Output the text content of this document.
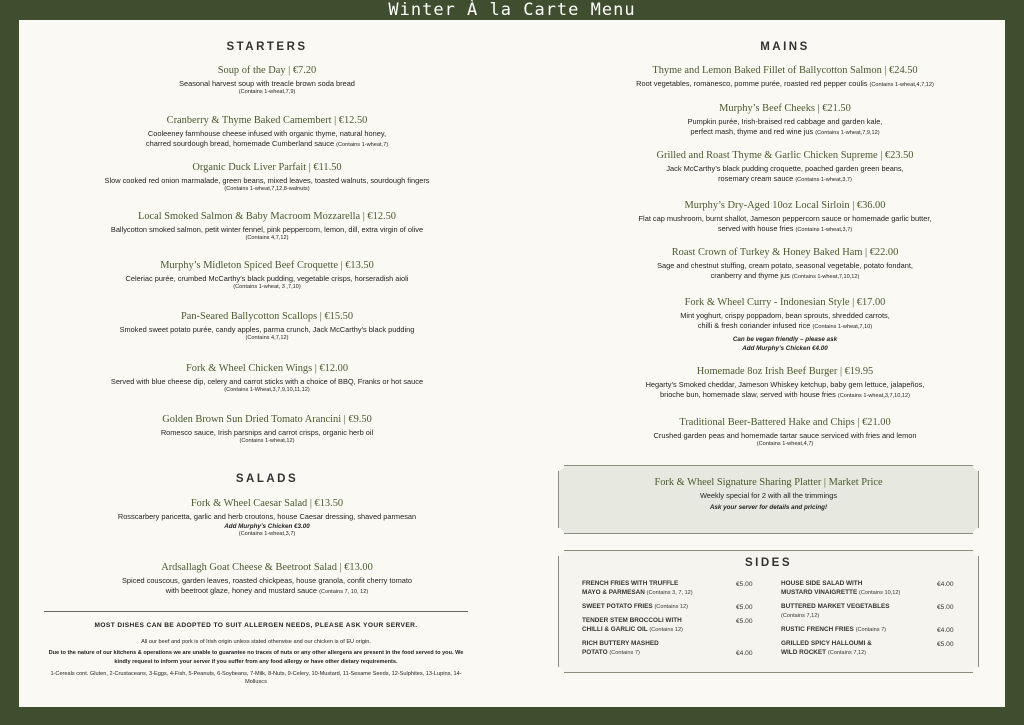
Winter À la Carte Menu
STARTERS
Soup of the Day | €7.20
Seasonal harvest soup with treacle brown soda bread
(Contains 1-wheat,7,9)
Cranberry & Thyme Baked Camembert | €12.50
Cooleeney farmhouse cheese infused with organic thyme, natural honey,
charred sourdough bread, homemade Cumberland sauce (Contains 1-wheat,7)
Organic Duck Liver Parfait | €11.50
Slow cooked red onion marmalade, green beans, mixed leaves, toasted walnuts, sourdough fingers
(Contains 1-wheat,7,12,8-walnuts)
Local Smoked Salmon & Baby Macroom Mozzarella | €12.50
Ballycotton smoked salmon, petit winter fennel, pink peppercorn, lemon, dill, extra virgin of olive
(Contains 4,7,12)
Murphy’s Midleton Spiced Beef Croquette | €13.50
Celeriac purée, crumbed McCarthy’s black pudding, vegetable crisps, horseradish aioli
(Contains 1-wheat, 3 ,7,10)
Pan-Seared Ballycotton Scallops | €15.50
Smoked sweet potato purée, candy apples, parma crunch, Jack McCarthy’s black pudding
(Contains 4,7,12)
Fork & Wheel Chicken Wings | €12.00
Served with blue cheese dip, celery and carrot sticks with a choice of BBQ, Franks or hot sauce
(Contains 1-Wheat,3,7,9,10,11,12)
Golden Brown Sun Dried Tomato Arancini | €9.50
Romesco sauce, Irish parsnips and carrot crisps, organic herb oil
(Contains 1-wheat,12)
SALADS
Fork & Wheel Caesar Salad | €13.50
Rosscarbery pancetta, garlic and herb croutons, house Caesar dressing, shaved parmesan
Add Murphy’s Chicken €3.00
(Contains 1-wheat,3,7)
Ardsallagh Goat Cheese & Beetroot Salad | €13.00
Spiced couscous, garden leaves, roasted chickpeas, house granola, confit cherry tomato
with beetroot glaze, honey and mustard sauce (Contains 7, 10, 12)
MAINS
Thyme and Lemon Baked Fillet of Ballycotton Salmon | €24.50
Root vegetables, romanesco, pomme purée, roasted red pepper coulis (Contains 1-wheat,4,7,12)
Murphy’s Beef Cheeks | €21.50
Pumpkin purée, Irish-braised red cabbage and garden kale,
perfect mash, thyme and red wine jus (Contains 1-wheat,7,9,12)
Grilled and Roast Thyme & Garlic Chicken Supreme | €23.50
Jack McCarthy’s black pudding croquette, poached garden green beans,
rosemary cream sauce (Contains 1-wheat,3,7)
Murphy’s Dry-Aged 10oz Local Sirloin | €36.00
Flat cap mushroom, burnt shallot, Jameson peppercorn sauce or homemade garlic butter,
served with house fries (Contains 1-wheat,3,7)
Roast Crown of Turkey & Honey Baked Ham | €22.00
Sage and chestnut stuffing, cream potato, seasonal vegetable, potato fondant,
cranberry and thyme jus (Contains 1-wheat,7,10,12)
Fork & Wheel Curry - Indonesian Style | €17.00
Mint yoghurt, crispy poppadom, bean sprouts, shredded carrots,
chilli & fresh coriander infused rice (Contains 1-wheat,7,10)
Can be vegan friendly – please ask
Add Murphy’s Chicken €4.00
Homemade 8oz Irish Beef Burger | €19.95
Hegarty’s Smoked cheddar, Jameson Whiskey ketchup, baby gem lettuce, jalapeños,
brioche bun, homemade slaw, served with house fries (Contains 1-wheat,3,7,10,12)
Traditional Beer-Battered Hake and Chips | €21.00
Crushed garden peas and homemade tartar sauce serviced with fries and lemon
(Contains 1-wheat,4,7)
MOST DISHES CAN BE ADOPTED TO SUIT ALLERGEN NEEDS, PLEASE ASK YOUR SERVER.
All our beef and pork is of Irish origin unless stated otherwise and our chicken is of EU origin.
Due to the nature of our kitchens & operations we are unable to guarantee no traces of nuts or any other allergens are present in the food served to you. We kindly request to inform your server if you suffer from any food allergy or have other dietary requirements.
1-Cereals cont. Gluten, 2-Crustaceans, 3-Eggs, 4-Fish, 5-Peanuts, 6-Soybeans, 7-Milk, 8-Nuts, 9-Celery, 10-Mustard, 11-Sesame Seeds, 12-Sulphites, 13-Lupins, 14-Molluscs
Fork & Wheel Signature Sharing Platter | Market Price
Weekly special for 2 with all the trimmings
Ask your server for details and pricing!
SIDES
FRENCH FRIES WITH TRUFFLE
MAYO & PARMESAN (Contains 3, 7, 12)
€5.00
SWEET POTATO FRIES (Contains 12)	€5.00
TENDER STEM BROCCOLI WITH
CHILLI & GARLIC OIL (Contains 12)
€5.00
RICH BUTTERY MASHED
POTATO (Contains 7)	€4.00
HOUSE SIDE SALAD WITH
MUSTARD VINAIGRETTE (Contains 10,12)
€4.00
BUTTERED MARKET VEGETABLES
(Contains 7,12)
€5.00
RUSTIC FRENCH FRIES (Contains 7)	€4.00
GRILLED SPICY HALLOUMI &
WILD ROCKET (Contains 7,12)
€5.00
